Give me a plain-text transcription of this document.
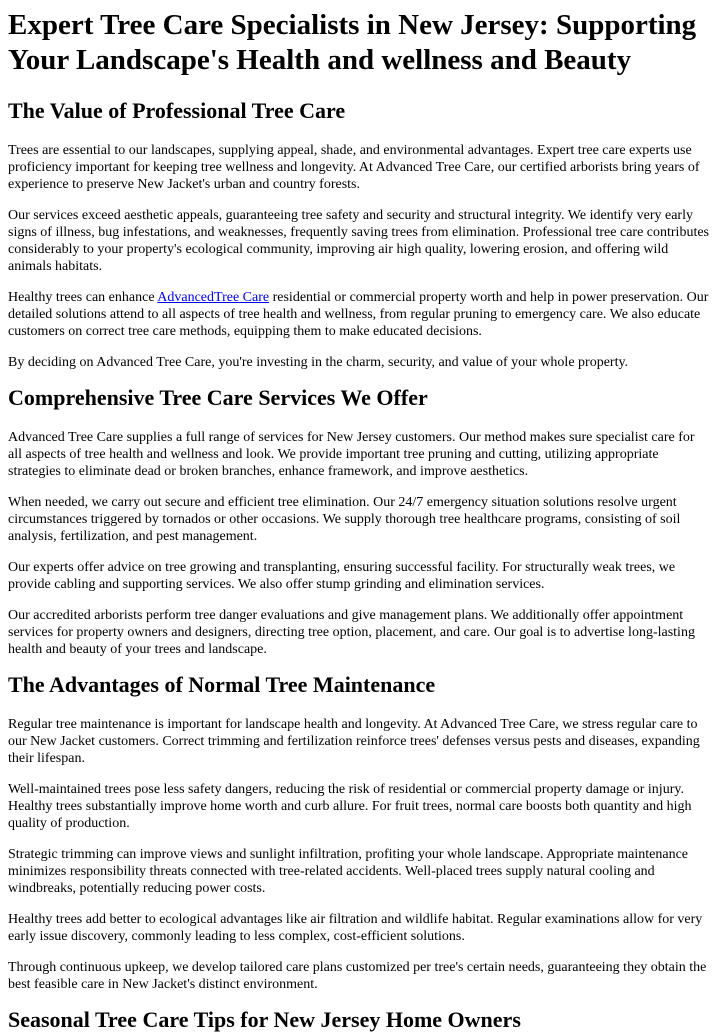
Expert Tree Care Specialists in New Jersey: Supporting Your Landscape's Health and wellness and Beauty
The Value of Professional Tree Care

Trees are essential to our landscapes, supplying appeal, shade, and environmental advantages. Expert tree care experts use proficiency important for keeping tree wellness and longevity. At Advanced Tree Care, our certified arborists bring years of experience to preserve New Jacket's urban and country forests.

Our services exceed aesthetic appeals, guaranteeing tree safety and security and structural integrity. We identify very early signs of illness, bug infestations, and weaknesses, frequently saving trees from elimination. Professional tree care contributes considerably to your property's ecological community, improving air high quality, lowering erosion, and offering wild animals habitats.

Healthy trees can enhance AdvancedTree Care residential or commercial property worth and help in power preservation. Our detailed solutions attend to all aspects of tree health and wellness, from regular pruning to emergency care. We also educate customers on correct tree care methods, equipping them to make educated decisions.

By deciding on Advanced Tree Care, you're investing in the charm, security, and value of your whole property.

Comprehensive Tree Care Services We Offer

Advanced Tree Care supplies a full range of services for New Jersey customers. Our method makes sure specialist care for all aspects of tree health and wellness and look. We provide important tree pruning and cutting, utilizing appropriate strategies to eliminate dead or broken branches, enhance framework, and improve aesthetics.

When needed, we carry out secure and efficient tree elimination. Our 24/7 emergency situation solutions resolve urgent circumstances triggered by tornados or other occasions. We supply thorough tree healthcare programs, consisting of soil analysis, fertilization, and pest management.

Our experts offer advice on tree growing and transplanting, ensuring successful facility. For structurally weak trees, we provide cabling and supporting services. We also offer stump grinding and elimination services.

Our accredited arborists perform tree danger evaluations and give management plans. We additionally offer appointment services for property owners and designers, directing tree option, placement, and care. Our goal is to advertise long-lasting health and beauty of your trees and landscape.

The Advantages of Normal Tree Maintenance

Regular tree maintenance is important for landscape health and longevity. At Advanced Tree Care, we stress regular care to our New Jacket customers. Correct trimming and fertilization reinforce trees' defenses versus pests and diseases, expanding their lifespan.

Well-maintained trees pose less safety dangers, reducing the risk of residential or commercial property damage or injury. Healthy trees substantially improve home worth and curb allure. For fruit trees, normal care boosts both quantity and high quality of production.

Strategic trimming can improve views and sunlight infiltration, profiting your whole landscape. Appropriate maintenance minimizes responsibility threats connected with tree-related accidents. Well-placed trees supply natural cooling and windbreaks, potentially reducing power costs.

Healthy trees add better to ecological advantages like air filtration and wildlife habitat. Regular examinations allow for very early issue discovery, commonly leading to less complex, cost-efficient solutions.

Through continuous upkeep, we develop tailored care plans customized per tree's certain needs, guaranteeing they obtain the best feasible care in New Jacket's distinct environment.

Seasonal Tree Care Tips for New Jersey Home Owners
